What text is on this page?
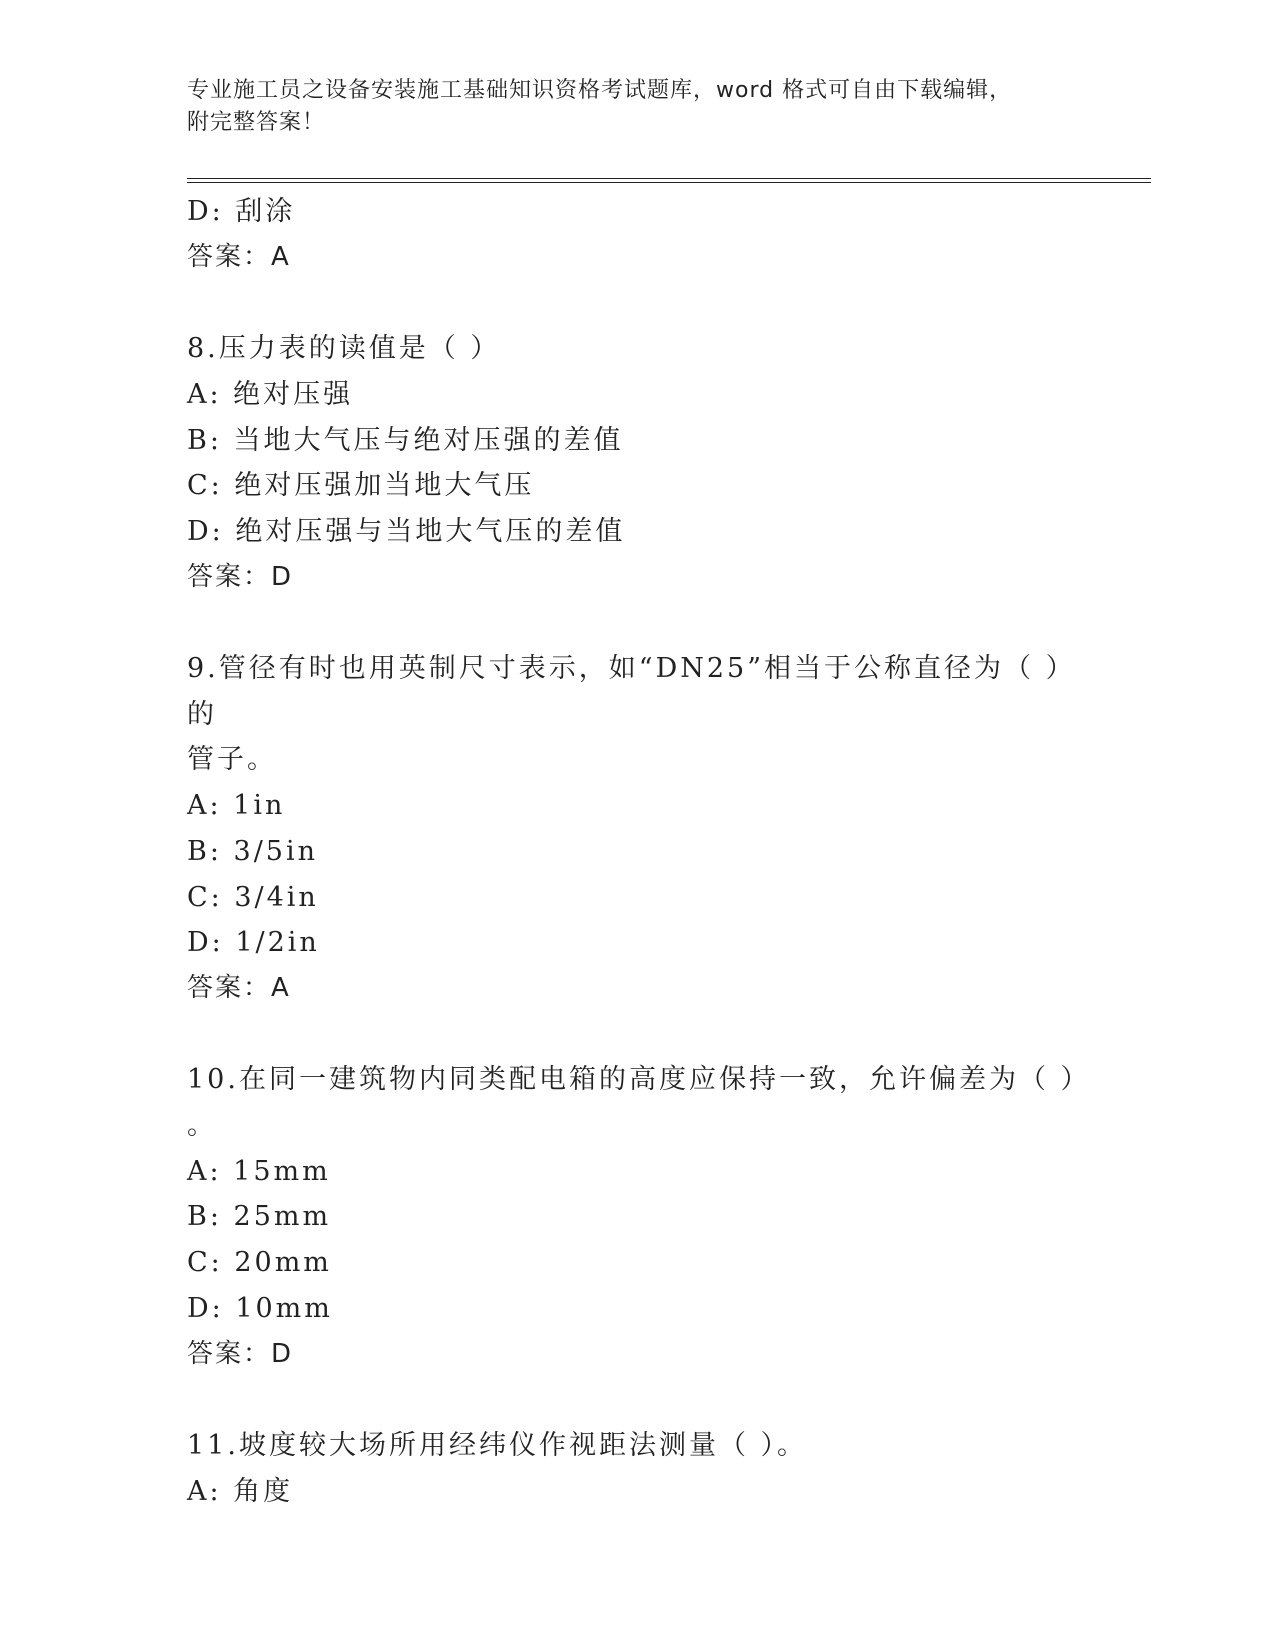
专业施工员之设备安装施工基础知识资格考试题库，word 格式可自由下载编辑，
附完整答案！
D: 刮涂
答案：A
8.压力表的读值是（ ）
A: 绝对压强
B: 当地大气压与绝对压强的差值
C: 绝对压强加当地大气压
D: 绝对压强与当地大气压的差值
答案：D
9.管径有时也用英制尺寸表示，如“DN25”相当于公称直径为（ ）的
管子。
A: 1in
B: 3/5in
C: 3/4in
D: 1/2in
答案：A
10.在同一建筑物内同类配电箱的高度应保持一致，允许偏差为（ ）
。
A: 15mm
B: 25mm
C: 20mm
D: 10mm
答案：D
11.坡度较大场所用经纬仪作视距法测量（ ）。
A: 角度
